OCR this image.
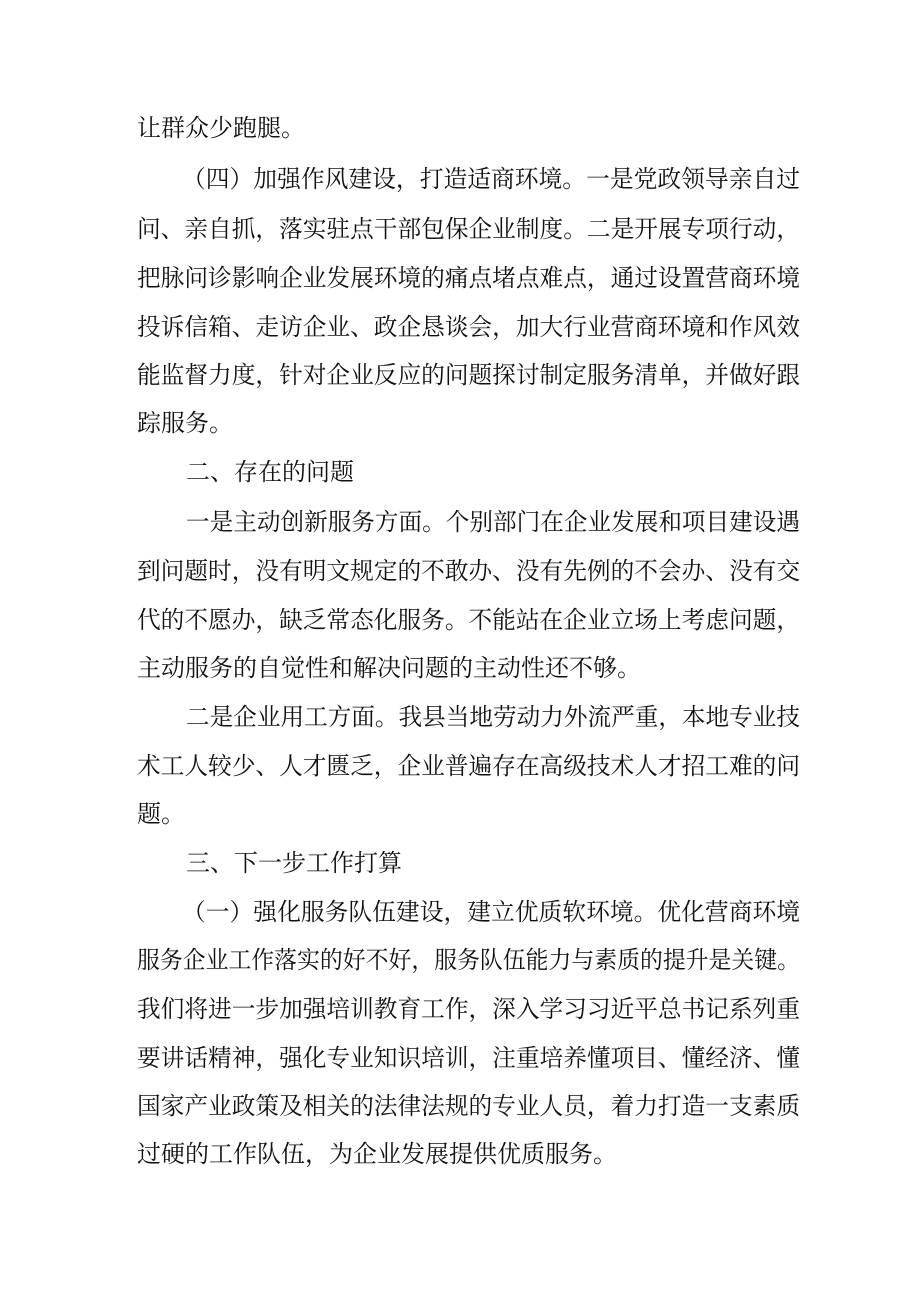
让群众少跑腿。

（四）加强作风建设，打造适商环境。一是党政领导亲自过

问、亲自抓，落实驻点干部包保企业制度。二是开展专项行动，

把脉问诊影响企业发展环境的痛点堵点难点，通过设置营商环境

投诉信箱、走访企业、政企恳谈会，加大行业营商环境和作风效

能监督力度，针对企业反应的问题探讨制定服务清单，并做好跟

踪服务。

二、存在的问题

一是主动创新服务方面。个别部门在企业发展和项目建设遇

到问题时，没有明文规定的不敢办、没有先例的不会办、没有交

代的不愿办，缺乏常态化服务。不能站在企业立场上考虑问题，

主动服务的自觉性和解决问题的主动性还不够。

二是企业用工方面。我县当地劳动力外流严重，本地专业技

术工人较少、人才匮乏，企业普遍存在高级技术人才招工难的问

题。

三、下一步工作打算

（一）强化服务队伍建设，建立优质软环境。优化营商环境

服务企业工作落实的好不好，服务队伍能力与素质的提升是关键。

我们将进一步加强培训教育工作，深入学习习近平总书记系列重

要讲话精神，强化专业知识培训，注重培养懂项目、懂经济、懂

国家产业政策及相关的法律法规的专业人员，着力打造一支素质

过硬的工作队伍，为企业发展提供优质服务。
